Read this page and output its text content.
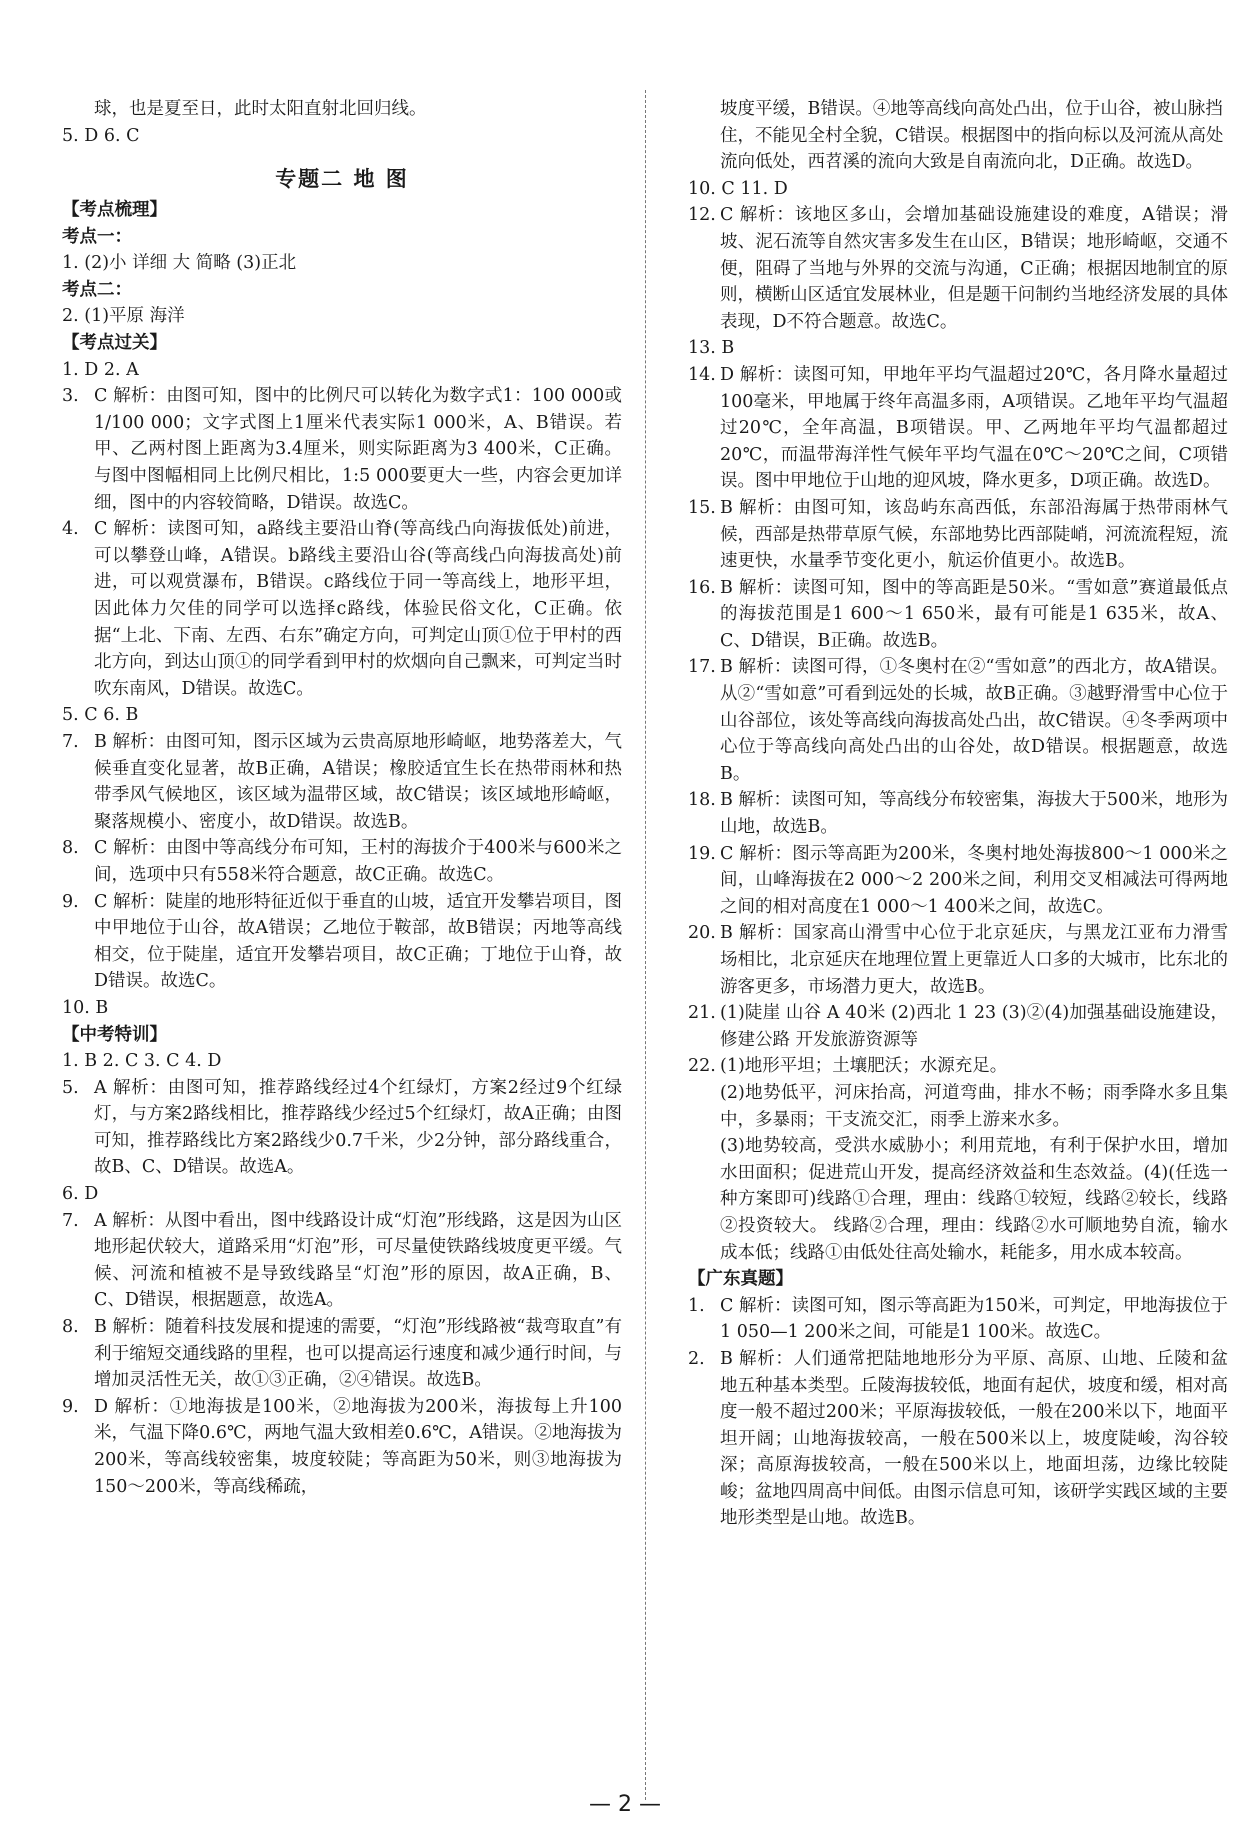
球，也是夏至日，此时太阳直射北回归线。
5. D 6. C
专题二 地 图
【考点梳理】
考点一：
1. (2)小 详细 大 简略 (3)正北
考点二：
2. (1)平原 海洋
【考点过关】
1. D 2. A
3. C 解析：由图可知，图中的比例尺可以转化为数字式1：100 000或1/100 000；文字式图上1厘米代表实际1 000米，A、B错误。若甲、乙两村图上距离为3.4厘米，则实际距离为3 400米，C正确。与图中图幅相同上比例尺相比，1:5 000要更大一些，内容会更加详细，图中的内容较简略，D错误。故选C。
4. C 解析：读图可知，a路线主要沿山脊(等高线凸向海拔低处)前进，可以攀登山峰，A错误。b路线主要沿山谷(等高线凸向海拔高处)前进，可以观赏瀑布，B错误。c路线位于同一等高线上，地形平坦，因此体力欠佳的同学可以选择c路线，体验民俗文化，C正确。依据“上北、下南、左西、右东”确定方向，可判定山顶①位于甲村的西北方向，到达山顶①的同学看到甲村的炊烟向自己飘来，可判定当时吹东南风，D错误。故选C。
5. C 6. B
7. B 解析：由图可知，图示区域为云贵高原地形崎岖，地势落差大，气候垂直变化显著，故B正确，A错误；橡胶适宜生长在热带雨林和热带季风气候地区，该区域为温带区域，故C错误；该区域地形崎岖，聚落规模小、密度小，故D错误。故选B。
8. C 解析：由图中等高线分布可知，王村的海拔介于400米与600米之间，选项中只有558米符合题意，故C正确。故选C。
9. C 解析：陡崖的地形特征近似于垂直的山坡，适宜开发攀岩项目，图中甲地位于山谷，故A错误；乙地位于鞍部，故B错误；丙地等高线相交，位于陡崖，适宜开发攀岩项目，故C正确；丁地位于山脊，故D错误。故选C。
10. B
【中考特训】
1. B 2. C 3. C 4. D
5. A 解析：由图可知，推荐路线经过4个红绿灯，方案2经过9个红绿灯，与方案2路线相比，推荐路线少经过5个红绿灯，故A正确；由图可知，推荐路线比方案2路线少0.7千米，少2分钟，部分路线重合，故B、C、D错误。故选A。
6. D
7. A 解析：从图中看出，图中线路设计成“灯泡”形线路，这是因为山区地形起伏较大，道路采用“灯泡”形，可尽量使铁路线坡度更平缓。气候、河流和植被不是导致线路呈“灯泡”形的原因，故A正确，B、C、D错误，根据题意，故选A。
8. B 解析：随着科技发展和提速的需要，“灯泡”形线路被“裁弯取直”有利于缩短交通线路的里程，也可以提高运行速度和减少通行时间，与增加灵活性无关，故①③正确，②④错误。故选B。
9. D 解析：①地海拔是100米，②地海拔为200米，海拔每上升100米，气温下降0.6℃，两地气温大致相差0.6℃，A错误。②地海拔为200米，等高线较密集，坡度较陡；等高距为50米，则③地海拔为150～200米，等高线稀疏，
坡度平缓，B错误。④地等高线向高处凸出，位于山谷，被山脉挡住，不能见全村全貌，C错误。根据图中的指向标以及河流从高处流向低处，西苕溪的流向大致是自南流向北，D正确。故选D。
10. C 11. D
12. C 解析：该地区多山，会增加基础设施建设的难度，A错误；滑坡、泥石流等自然灾害多发生在山区，B错误；地形崎岖，交通不便，阻碍了当地与外界的交流与沟通，C正确；根据因地制宜的原则，横断山区适宜发展林业，但是题干问制约当地经济发展的具体表现，D不符合题意。故选C。
13. B
14. D 解析：读图可知，甲地年平均气温超过20℃，各月降水量超过100毫米，甲地属于终年高温多雨，A项错误。乙地年平均气温超过20℃，全年高温，B项错误。甲、乙两地年平均气温都超过20℃，而温带海洋性气候年平均气温在0℃～20℃之间，C项错误。图中甲地位于山地的迎风坡，降水更多，D项正确。故选D。
15. B 解析：由图可知，该岛屿东高西低，东部沿海属于热带雨林气候，西部是热带草原气候，东部地势比西部陡峭，河流流程短，流速更快，水量季节变化更小，航运价值更小。故选B。
16. B 解析：读图可知，图中的等高距是50米。“雪如意”赛道最低点的海拔范围是1 600～1 650米，最有可能是1 635米，故A、C、D错误，B正确。故选B。
17. B 解析：读图可得，①冬奥村在②“雪如意”的西北方，故A错误。从②“雪如意”可看到远处的长城，故B正确。③越野滑雪中心位于山谷部位，该处等高线向海拔高处凸出，故C错误。④冬季两项中心位于等高线向高处凸出的山谷处，故D错误。根据题意，故选B。
18. B 解析：读图可知，等高线分布较密集，海拔大于500米，地形为山地，故选B。
19. C 解析：图示等高距为200米，冬奥村地处海拔800～1 000米之间，山峰海拔在2 000～2 200米之间，利用交叉相减法可得两地之间的相对高度在1 000～1 400米之间，故选C。
20. B 解析：国家高山滑雪中心位于北京延庆，与黑龙江亚布力滑雪场相比，北京延庆在地理位置上更靠近人口多的大城市，比东北的游客更多，市场潜力更大，故选B。
21. (1)陡崖 山谷 A 40米 (2)西北 1 23 (3)②(4)加强基础设施建设，修建公路 开发旅游资源等
22. (1)地形平坦；土壤肥沃；水源充足。
(2)地势低平，河床抬高，河道弯曲，排水不畅；雨季降水多且集中，多暴雨；干支流交汇，雨季上游来水多。
(3)地势较高，受洪水威胁小；利用荒地，有利于保护水田，增加水田面积；促进荒山开发，提高经济效益和生态效益。(4)(任选一种方案即可)线路①合理，理由：线路①较短，线路②较长，线路②投资较大。 线路②合理，理由：线路②水可顺地势自流，输水成本低；线路①由低处往高处输水，耗能多，用水成本较高。
【广东真题】
1. C 解析：读图可知，图示等高距为150米，可判定，甲地海拔位于1 050—1 200米之间，可能是1 100米。故选C。
2. B 解析：人们通常把陆地地形分为平原、高原、山地、丘陵和盆地五种基本类型。丘陵海拔较低，地面有起伏，坡度和缓，相对高度一般不超过200米；平原海拔较低，一般在200米以下，地面平坦开阔；山地海拔较高，一般在500米以上，坡度陡峻，沟谷较深；高原海拔较高，一般在500米以上，地面坦荡，边缘比较陡峻；盆地四周高中间低。由图示信息可知，该研学实践区域的主要地形类型是山地。故选B。
— 2 —
